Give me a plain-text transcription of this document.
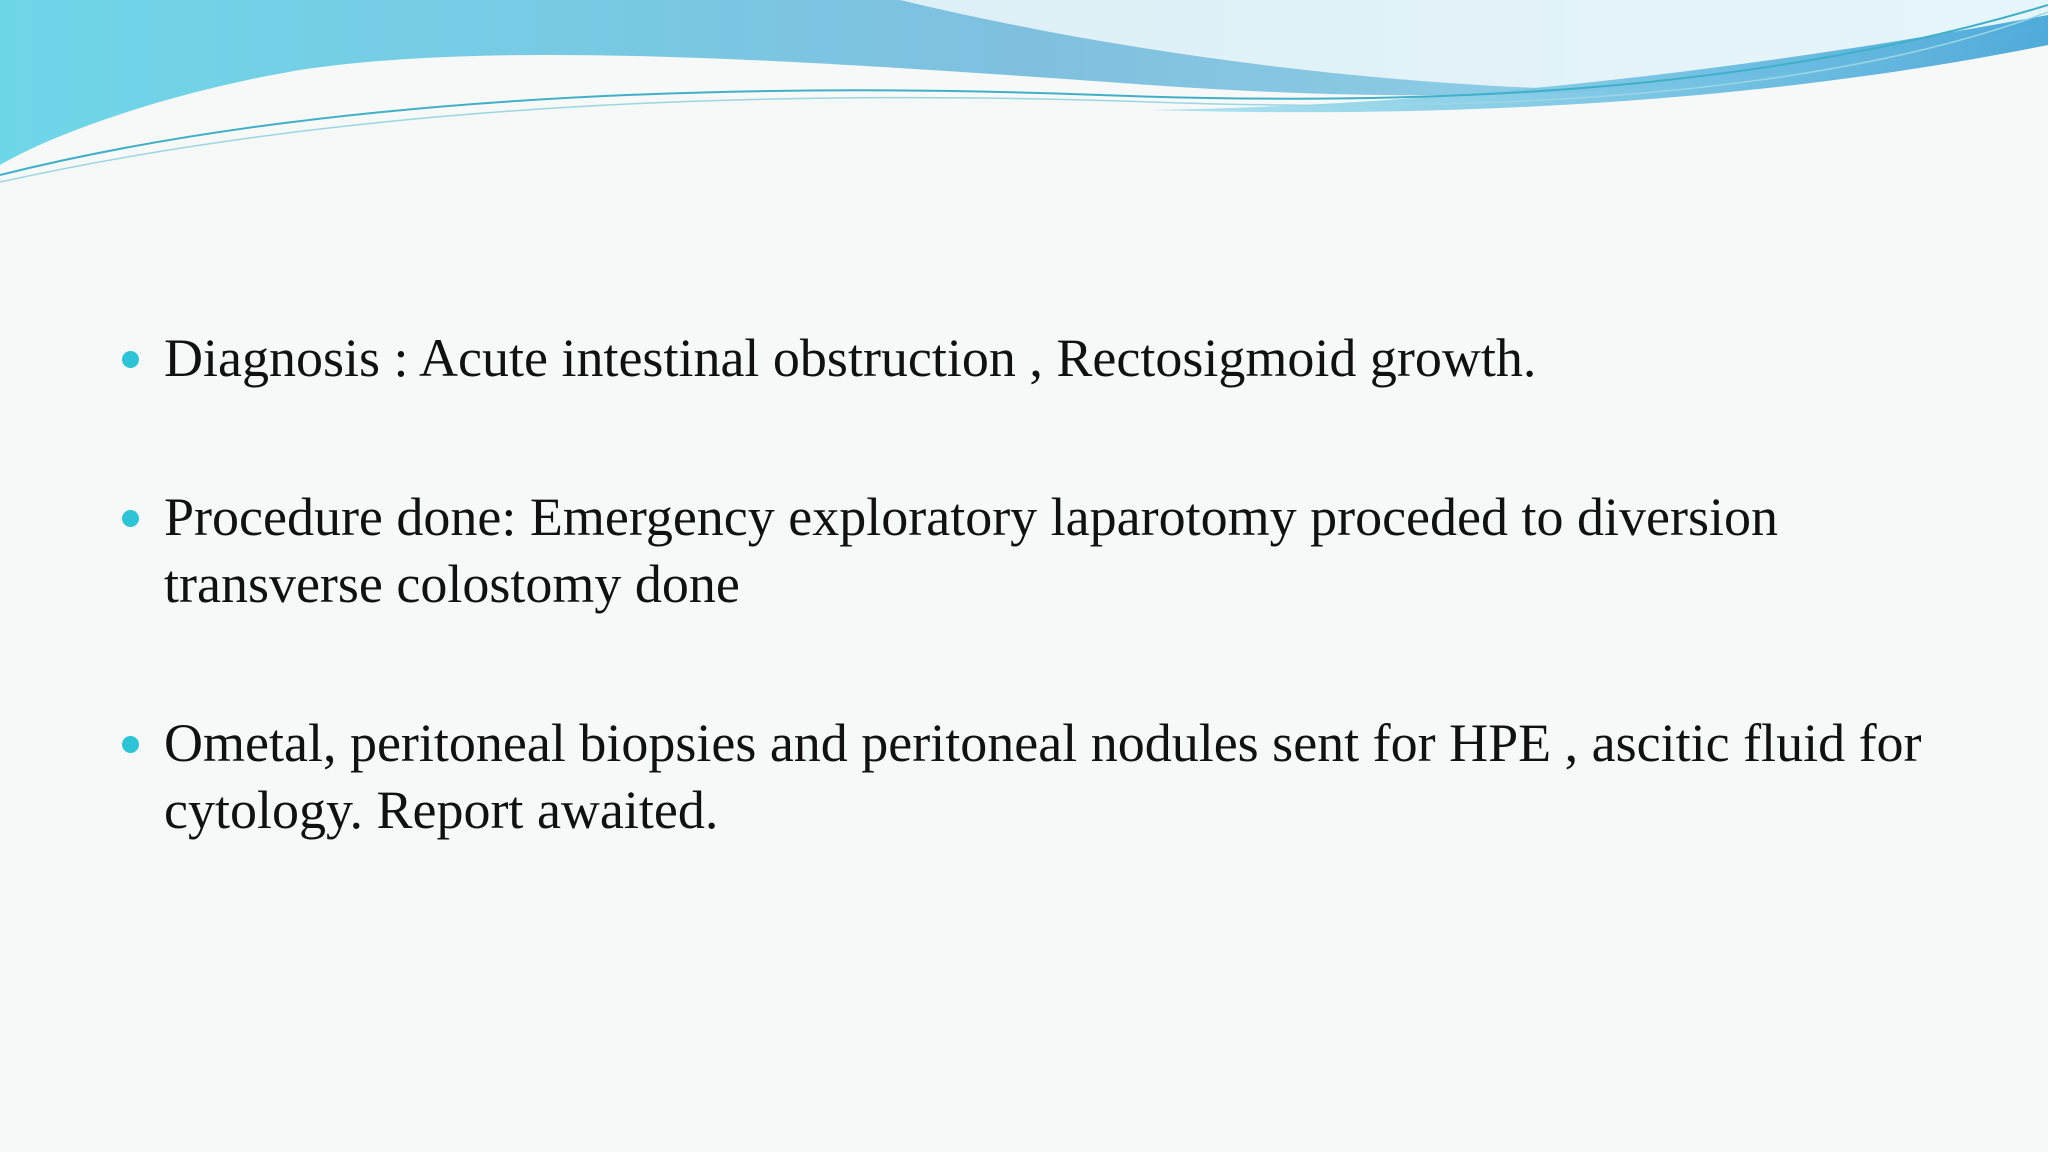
Diagnosis : Acute intestinal obstruction , Rectosigmoid growth.
Procedure done: Emergency exploratory laparotomy proceded to diversion transverse colostomy done
Ometal, peritoneal biopsies and peritoneal nodules sent for HPE , ascitic fluid for cytology. Report awaited.
